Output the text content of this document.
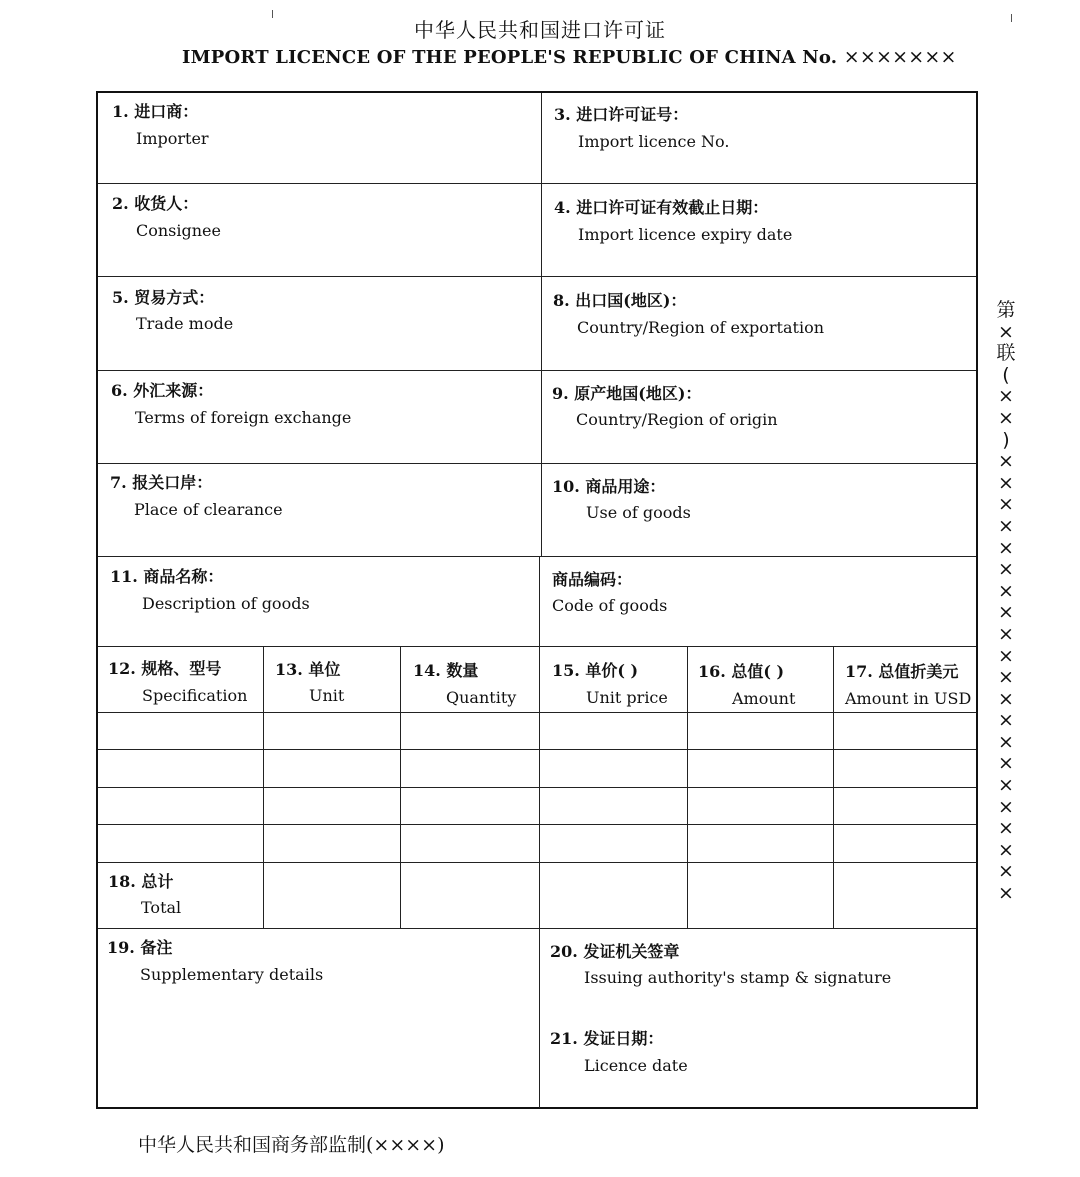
中华人民共和国进口许可证
IMPORT LICENCE OF THE PEOPLE'S REPUBLIC OF CHINA No. ×××××××
1. 进口商：
Importer
3. 进口许可证号：
Import licence No.
2. 收货人：
Consignee
4. 进口许可证有效截止日期：
Import licence expiry date
5. 贸易方式：
Trade mode
8. 出口国(地区)：
Country/Region of exportation
6. 外汇来源：
Terms of foreign exchange
9. 原产地国(地区)：
Country/Region of origin
7. 报关口岸：
Place of clearance
10. 商品用途：
Use of goods
11. 商品名称：
Description of goods
商品编码：
Code of goods
12. 规格、型号
Specification
13. 单位
Unit
14. 数量
Quantity
15. 单价( )
Unit price
16. 总值( )
Amount
17. 总值折美元
Amount in USD
18. 总计
Total
19. 备注
Supplementary details
20. 发证机关签章
Issuing authority's stamp & signature
21. 发证日期：
Licence date
第
×
联
(
×
×
)
×
×
×
×
×
×
×
×
×
×
×
×
×
×
×
×
×
×
×
×
×
中华人民共和国商务部监制(××××)
